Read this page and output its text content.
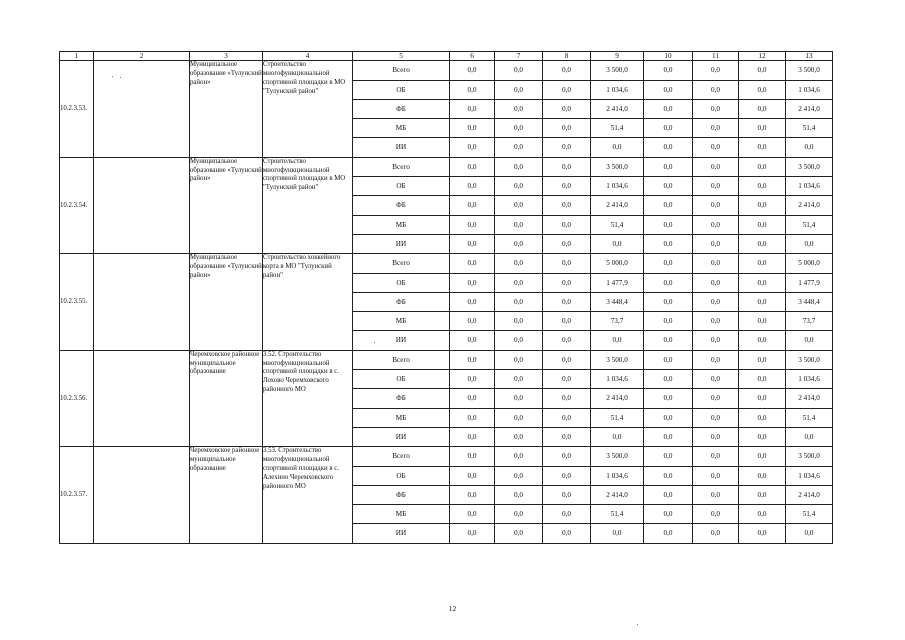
1	2	3	4	5	6	7	8	9	10	11	12	13
10.2.3.53.		Муниципальное образование «Тулунский район»	Строительство многофункциональной спортивной площадки в МО "Тулунский район"	Всего	0,0	0,0	0,0	3 500,0	0,0	0,0	0,0	3 500,0
				ОБ	0,0	0,0	0,0	1 034,6	0,0	0,0	0,0	1 034,6
				ФБ	0,0	0,0	0,0	2 414,0	0,0	0,0	0,0	2 414,0
				МБ	0,0	0,0	0,0	51,4	0,0	0,0	0,0	51,4
				ИИ	0,0	0,0	0,0	0,0	0,0	0,0	0,0	0,0
10.2.3.54.		Муниципальное образование «Тулунский район»	Строительство многофункциональной спортивной площадки в МО "Тулунский район"	Всего	0,0	0,0	0,0	3 500,0	0,0	0,0	0,0	3 500,0
				ОБ	0,0	0,0	0,0	1 034,6	0,0	0,0	0,0	1 034,6
				ФБ	0,0	0,0	0,0	2 414,0	0,0	0,0	0,0	2 414,0
				МБ	0,0	0,0	0,0	51,4	0,0	0,0	0,0	51,4
				ИИ	0,0	0,0	0,0	0,0	0,0	0,0	0,0	0,0
10.2.3.55.		Муниципальное образование «Тулунский район»	Строительство хоккейного корта в МО "Тулунский район"	Всего	0,0	0,0	0,0	5 000,0	0,0	0,0	0,0	5 000,0
				ОБ	0,0	0,0	0,0	1 477,9	0,0	0,0	0,0	1 477,9
				ФБ	0,0	0,0	0,0	3 448,4	0,0	0,0	0,0	3 448,4
				МБ	0,0	0,0	0,0	73,7	0,0	0,0	0,0	73,7
				ИИ	0,0	0,0	0,0	0,0	0,0	0,0	0,0	0,0
10.2.3.56.		Черемховское районное муниципальное образование	3.52. Строительство многофункциональной спортивной площадки в с. Лохово Черемховского районного МО	Всего	0,0	0,0	0,0	3 500,0	0,0	0,0	0,0	3 500,0
				ОБ	0,0	0,0	0,0	1 034,6	0,0	0,0	0,0	1 034,6
				ФБ	0,0	0,0	0,0	2 414,0	0,0	0,0	0,0	2 414,0
				МБ	0,0	0,0	0,0	51,4	0,0	0,0	0,0	51,4
				ИИ	0,0	0,0	0,0	0,0	0,0	0,0	0,0	0,0
10.2.3.57.		Черемховское районное муниципальное образование	3.53. Строительство многофункциональной спортивной площадки в с. Алехино Черемховского районного МО	Всего	0,0	0,0	0,0	3 500,0	0,0	0,0	0,0	3 500,0
				ОБ	0,0	0,0	0,0	1 034,6	0,0	0,0	0,0	1 034,6
				ФБ	0,0	0,0	0,0	2 414,0	0,0	0,0	0,0	2 414,0
				МБ	0,0	0,0	0,0	51,4	0,0	0,0	0,0	51,4
				ИИ	0,0	0,0	0,0	0,0	0,0	0,0	0,0	0,0
12
